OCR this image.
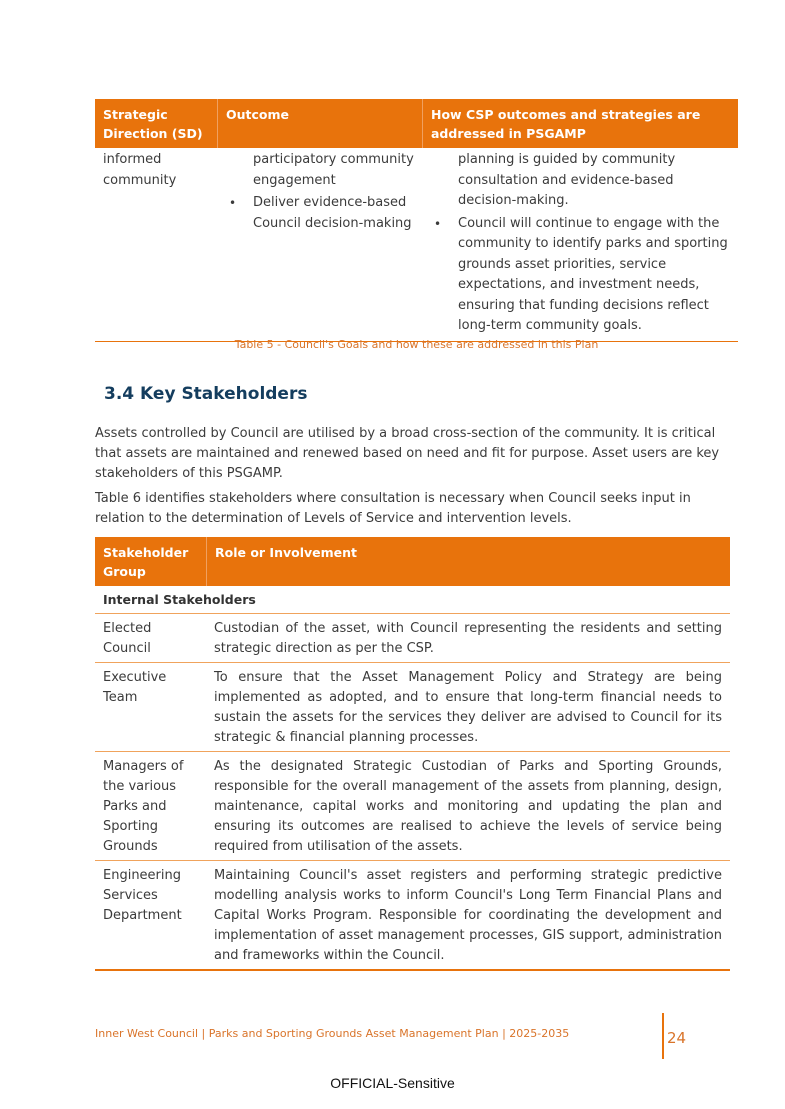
Strategic Direction (SD)
Outcome	How CSP outcomes and strategies are addressed in PSGAMP
informed community
participatory community engagement
• Deliver evidence-based Council decision-making
planning is guided by community consultation and evidence-based decision-making.
• Council will continue to engage with the community to identify parks and sporting grounds asset priorities, service expectations, and investment needs, ensuring that funding decisions reflect long-term community goals.
Table 5 - Council's Goals and how these are addressed in this Plan
3.4 Key Stakeholders
Assets controlled by Council are utilised by a broad cross-section of the community. It is critical that assets are maintained and renewed based on need and fit for purpose. Asset users are key stakeholders of this PSGAMP.
Table 6 identifies stakeholders where consultation is necessary when Council seeks input in relation to the determination of Levels of Service and intervention levels.
Stakeholder Group
Role or Involvement
Internal Stakeholders
Elected Council
Custodian of the asset, with Council representing the residents and setting strategic direction as per the CSP.
Executive Team
To ensure that the Asset Management Policy and Strategy are being implemented as adopted, and to ensure that long-term financial needs to sustain the assets for the services they deliver are advised to Council for its strategic & financial planning processes.
Managers of the various Parks and Sporting Grounds
As the designated Strategic Custodian of Parks and Sporting Grounds, responsible for the overall management of the assets from planning, design, maintenance, capital works and monitoring and updating the plan and ensuring its outcomes are realised to achieve the levels of service being required from utilisation of the assets.
Engineering Services Department
Maintaining Council's asset registers and performing strategic predictive modelling analysis works to inform Council's Long Term Financial Plans and Capital Works Program. Responsible for coordinating the development and implementation of asset management processes, GIS support, administration and frameworks within the Council.
Inner West Council | Parks and Sporting Grounds Asset Management Plan | 2025-2035	24
OFFICIAL-Sensitive
